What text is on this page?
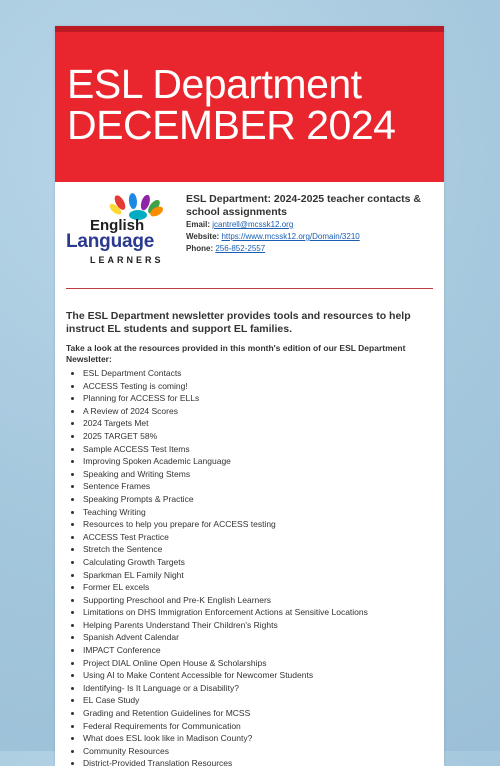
ESL Department
DECEMBER 2024
English
Language
LEARNERS
ESL Department: 2024-2025 teacher contacts & school assignments
Email: jcantrell@mcssk12.org
Website: https://www.mcssk12.org/Domain/3210
Phone: 256-852-2557
The ESL Department newsletter provides tools and resources to help instruct EL students and support EL families.
Take a look at the resources provided in this month's edition of our ESL Department Newsletter:
• ESL Department Contacts
• ACCESS Testing is coming!
• Planning for ACCESS for ELLs
• A Review of 2024 Scores
• 2024 Targets Met
• 2025 TARGET 58%
• Sample ACCESS Test Items
• Improving Spoken Academic Language
• Speaking and Writing Stems
• Sentence Frames
• Speaking Prompts & Practice
• Teaching Writing
• Resources to help you prepare for ACCESS testing
• ACCESS Test Practice
• Stretch the Sentence
• Calculating Growth Targets
• Sparkman EL Family Night
• Former EL excels
• Supporting Preschool and Pre-K English Learners
• Limitations on DHS Immigration Enforcement Actions at Sensitive Locations
• Helping Parents Understand Their Children's Rights
• Spanish Advent Calendar
• IMPACT Conference
• Project DIAL Online Open House & Scholarships
• Using AI to Make Content Accessible for Newcomer Students
• Identifying- Is It Language or a Disability?
• EL Case Study
• Grading and Retention Guidelines for MCSS
• Federal Requirements for Communication
• What does ESL look like in Madison County?
• Community Resources
• District-Provided Translation Resources
